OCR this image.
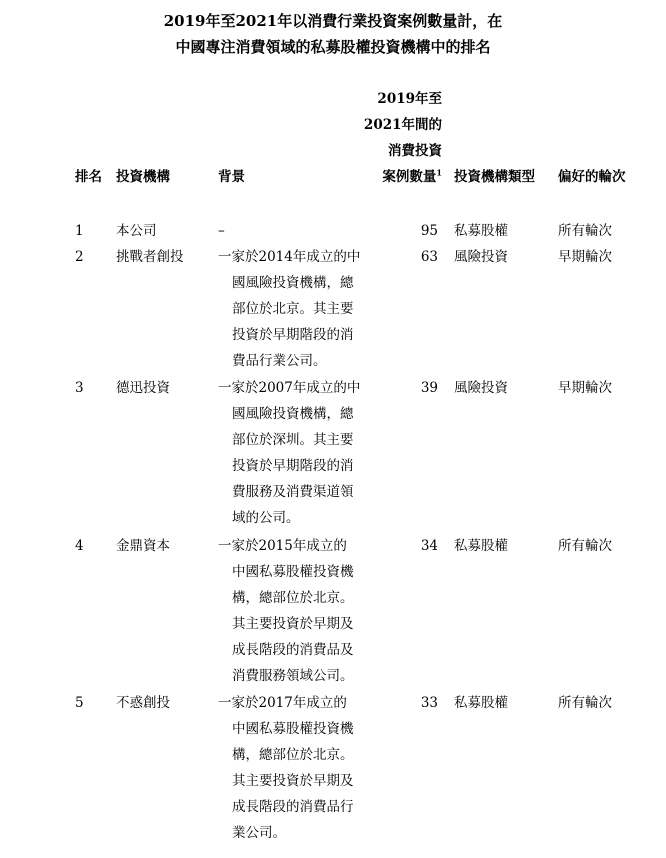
2019年至2021年以消費行業投資案例數量計，在
中國專注消費領域的私募股權投資機構中的排名
排名 投資機構	背景
2019年至
2021年間的
消費投資
案例數量$^1$ 投資機構類型 偏好的輪次
1 本公司	–	95 私募股權	所有輪次
2 挑戰者創投	一家於2014年成立的中
國風險投資機構，總
部位於北京。其主要
投資於早期階段的消
費品行業公司。
63 風險投資	早期輪次
3 德迅投資	一家於2007年成立的中
國風險投資機構，總
部位於深圳。其主要
投資於早期階段的消
費服務及消費渠道領
域的公司。
39 風險投資	早期輪次
4 金鼎資本	一家於2015年成立的
中國私募股權投資機
構，總部位於北京。
其主要投資於早期及
成長階段的消費品及
消費服務領域公司。
34 私募股權	所有輪次
5 不惑創投	一家於2017年成立的
中國私募股權投資機
構，總部位於北京。
其主要投資於早期及
成長階段的消費品行
業公司。
33 私募股權	所有輪次
